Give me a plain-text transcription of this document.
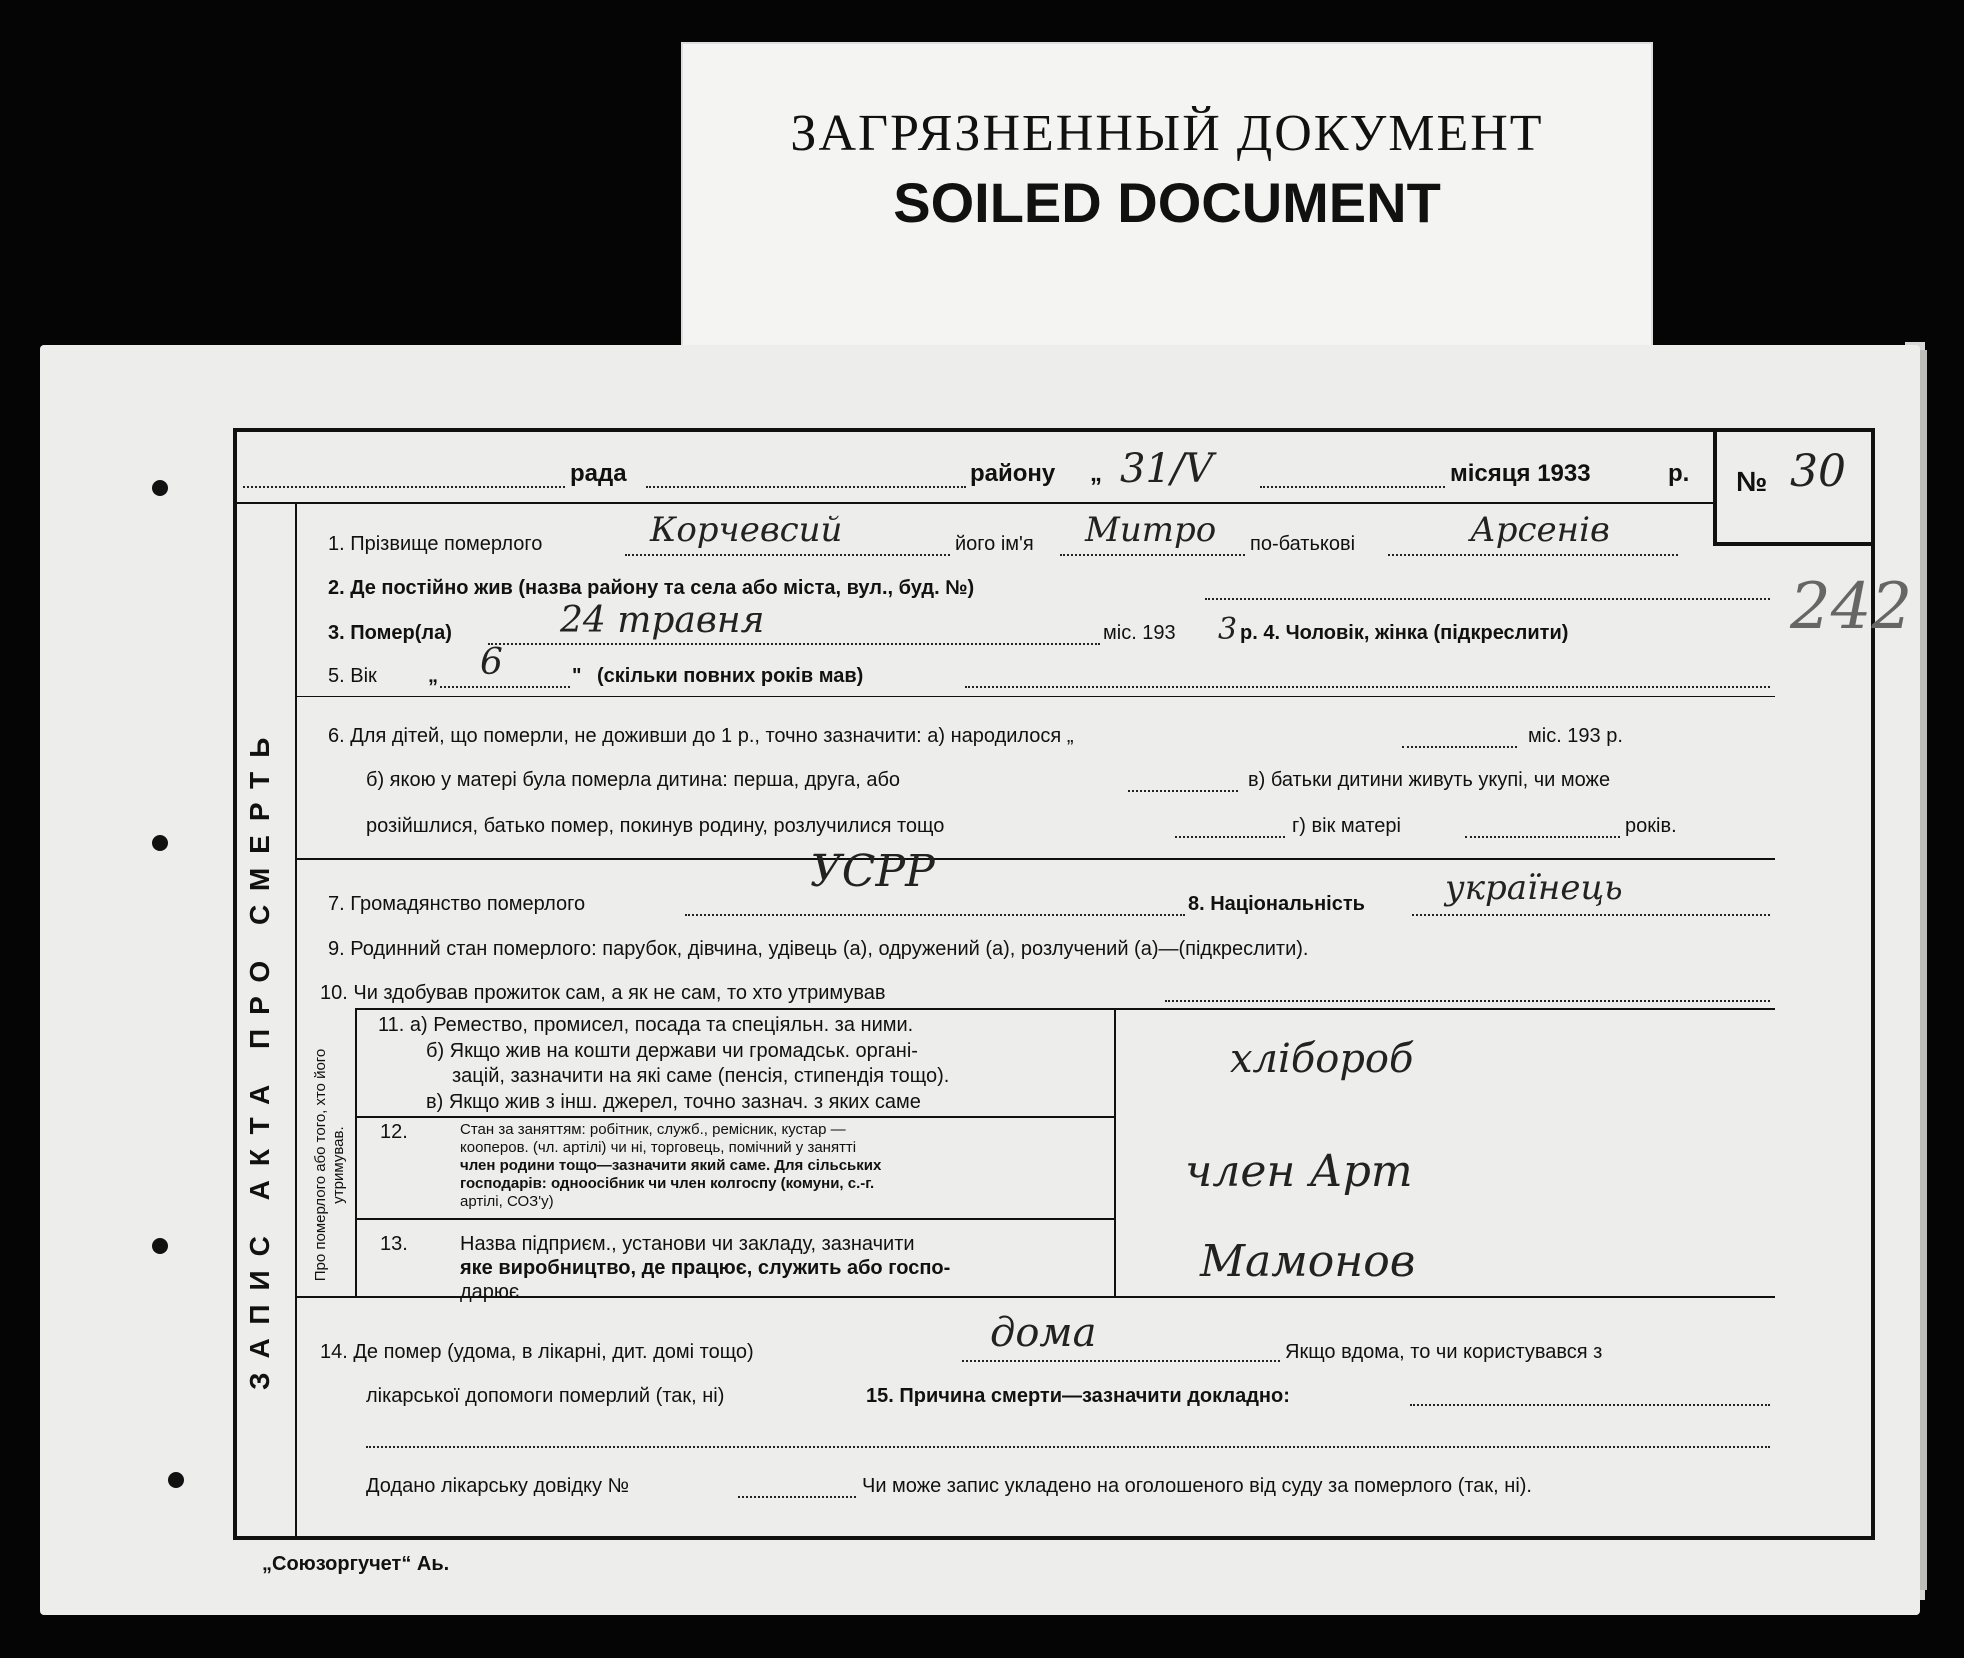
ЗАГРЯЗНЕННЫЙ ДОКУМЕНТ
SOILED DOCUMENT
ЗАПИС АКТА ПРО СМЕРТЬ Про померлого або того, хто його утримував.
рада	району „ 31/V	місяця 1933	р. № 30
242
1. Прізвище померлого	Корчевсий	його ім'я Митро по-батькові	Арсенів
2. Де постійно жив (назва району та села або міста, вул., буд. №)
3. Помер(ла)	24 травня	міс. 193 3 р. 4. Чоловік, жінка (підкреслити)
5. Вік	„ 6	" (скільки повних років мав)
6. Для дітей, що померли, не доживши до 1 р., точно зазначити: а) народилося „	міс. 193 р.
б) якою у матері була померла дитина: перша, друга, або	в) батьки дитини живуть укупі, чи може
розійшлися, батько помер, покинув родину, розлучилися тощо	г) вік матері	років.
УСРР
7. Громадянство померлого	8. Національність українець
9. Родинний стан померлого: парубок, дівчина, удівець (а), одружений (а), розлучений (а)—(підкреслити).
10. Чи здобував прожиток сам, а як не сам, то хто утримував
11. а) Ремество, промисел, посада та спеціяльн. за ними.
б) Якщо жив на кошти держави чи громадськ. органі-
зацій, зазначити на які саме (пенсія, стипендія тощо).
в) Якщо жив з інш. джерел, точно зазнач. з яких саме
хлібороб
12.	Стан за заняттям: робітник, служб., ремісник, кустар —
кооперов. (чл. артілі) чи ні, торговець, помічний у занятті
член родини тощо—зазначити який саме. Для сільських
господарів: одноосібник чи член колгоспу (комуни, с.-г.
артілі, СОЗ'у)
член Арт
13.	Назва підприєм., установи чи закладу, зазначити
яке виробництво, де працює, служить або госпо-
дарює
Мамонов
14. Де помер (удома, в лікарні, дит. домі тощо)	дома	Якщо вдома, то чи користувався з
лікарської допомоги померлий (так, ні)	15. Причина смерти—зазначити докладно:
Додано лікарську довідку №	Чи може запис укладено на оголошеного від суду за померлого (так, ні).
„Союзоргучет“ Аь.
